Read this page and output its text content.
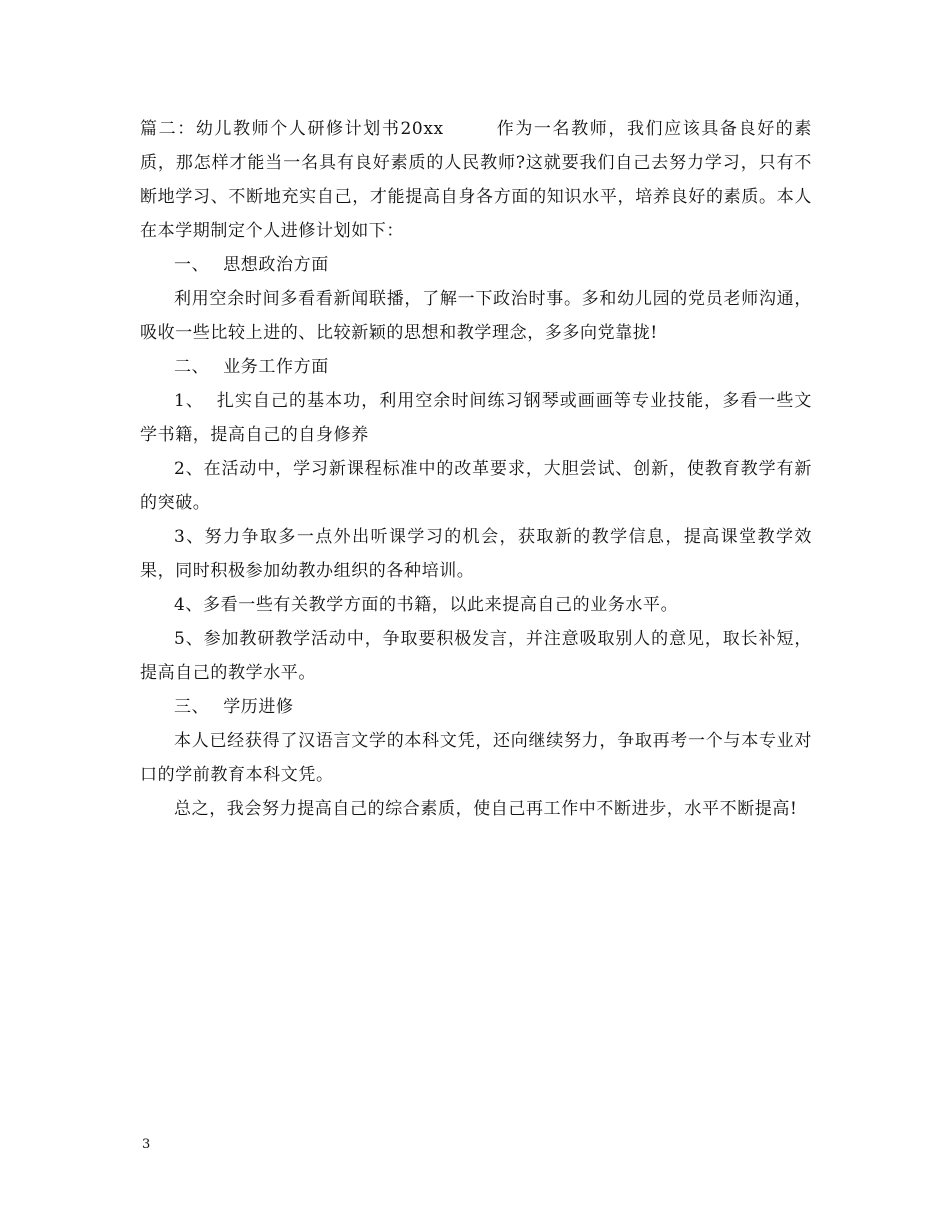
篇二：幼儿教师个人研修计划书20xx	作为一名教师，我们应该具备良好的素质，那怎样才能当一名具有良好素质的人民教师?这就要我们自己去努力学习，只有不断地学习、不断地充实自己，才能提高自身各方面的知识水平，培养良好的素质。本人在本学期制定个人进修计划如下：

一、 思想政治方面

利用空余时间多看看新闻联播，了解一下政治时事。多和幼儿园的党员老师沟通，吸收一些比较上进的、比较新颖的思想和教学理念，多多向党靠拢!

二、 业务工作方面

1、  扎实自己的基本功，利用空余时间练习钢琴或画画等专业技能，多看一些文学书籍，提高自己的自身修养

2、在活动中，学习新课程标准中的改革要求，大胆尝试、创新，使教育教学有新的突破。

3、努力争取多一点外出听课学习的机会，获取新的教学信息，提高课堂教学效果，同时积极参加幼教办组织的各种培训。

4、多看一些有关教学方面的书籍，以此来提高自己的业务水平。

5、参加教研教学活动中，争取要积极发言，并注意吸取别人的意见，取长补短，提高自己的教学水平。

三、 学历进修

本人已经获得了汉语言文学的本科文凭，还向继续努力，争取再考一个与本专业对口的学前教育本科文凭。

总之，我会努力提高自己的综合素质，使自己再工作中不断进步，水平不断提高!

3
